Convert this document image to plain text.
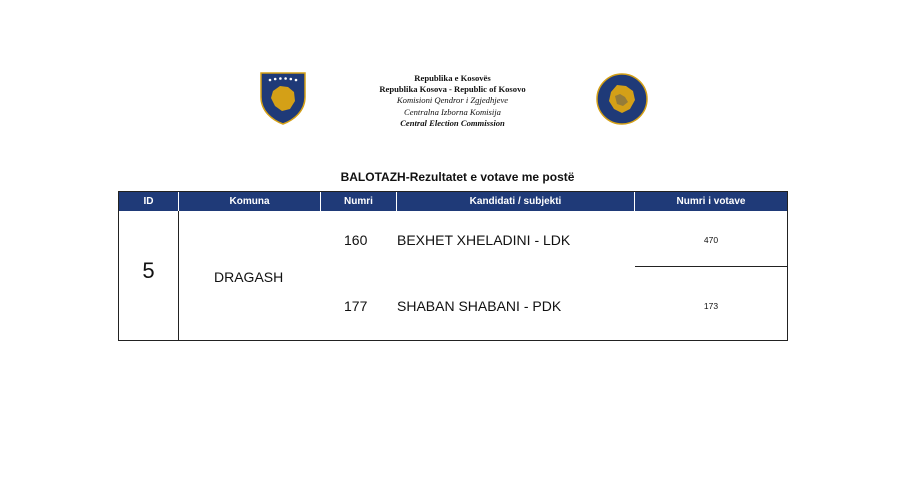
Republika e Kosovës
Republika Kosova - Republic of Kosovo
Komisioni Qendror i Zgjedhjeve
Centralna Izborna Komisija
Central Election Commission
BALOTAZH-Rezultatet e votave me postë
ID	Komuna	Numri	Kandidati / subjekti	Numri i votave
5	DRAGASH
160 BEXHET XHELADINI - LDK	470
177 SHABAN SHABANI - PDK	173
